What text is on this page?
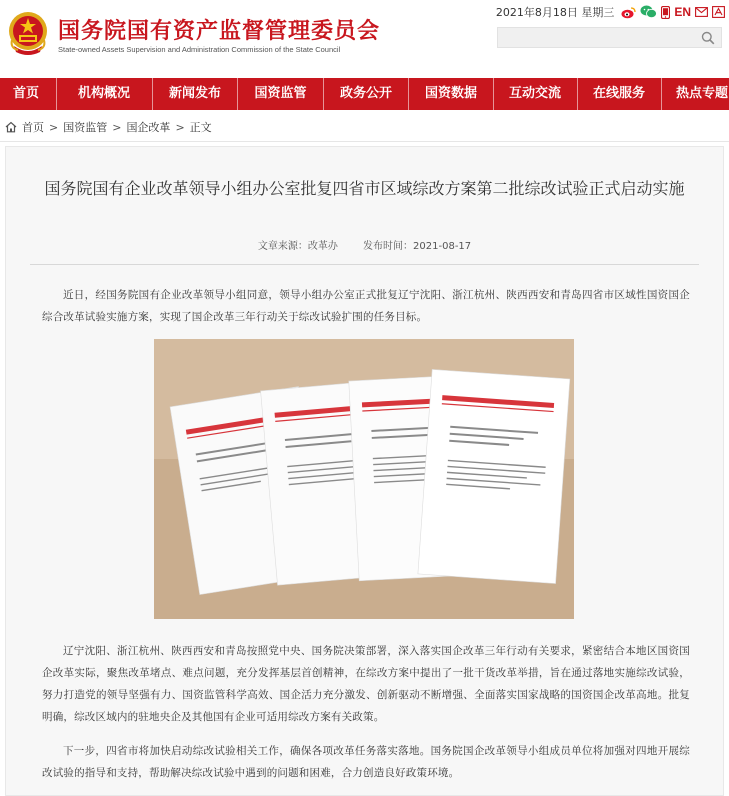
国务院国有资产监督管理委员会
State-owned Assets Supervision and Administration Commission of the State Council
2021年8月18日 星期三	EN
首页	机构概况	新闻发布	国资监管	政务公开	国资数据	互动交流	在线服务	热点专题
首页 > 国资监管 > 国企改革 > 正文
国务院国有企业改革领导小组办公室批复四省市区域综改方案第二批综改试验正式启动实施
文章来源：改革办	发布时间：2021-08-17

近日，经国务院国有企业改革领导小组同意，领导小组办公室正式批复辽宁沈阳、浙江杭州、陕西西安和青岛四省市区域性国资国企综合改革试验实施方案，实现了国企改革三年行动关于综改试验扩围的任务目标。

辽宁沈阳、浙江杭州、陕西西安和青岛按照党中央、国务院决策部署，深入落实国企改革三年行动有关要求，紧密结合本地区国资国企改革实际，聚焦改革堵点、难点问题，充分发挥基层首创精神，在综改方案中提出了一批干货改革举措，旨在通过落地实施综改试验，努力打造党的领导坚强有力、国资监管科学高效、国企活力充分激发、创新驱动不断增强、全面落实国家战略的国资国企改革高地。批复明确，综改区域内的驻地央企及其他国有企业可适用综改方案有关政策。

下一步，四省市将加快启动综改试验相关工作，确保各项改革任务落实落地。国务院国企改革领导小组成员单位将加强对四地开展综改试验的指导和支持，帮助解决综改试验中遇到的问题和困难，合力创造良好政策环境。
